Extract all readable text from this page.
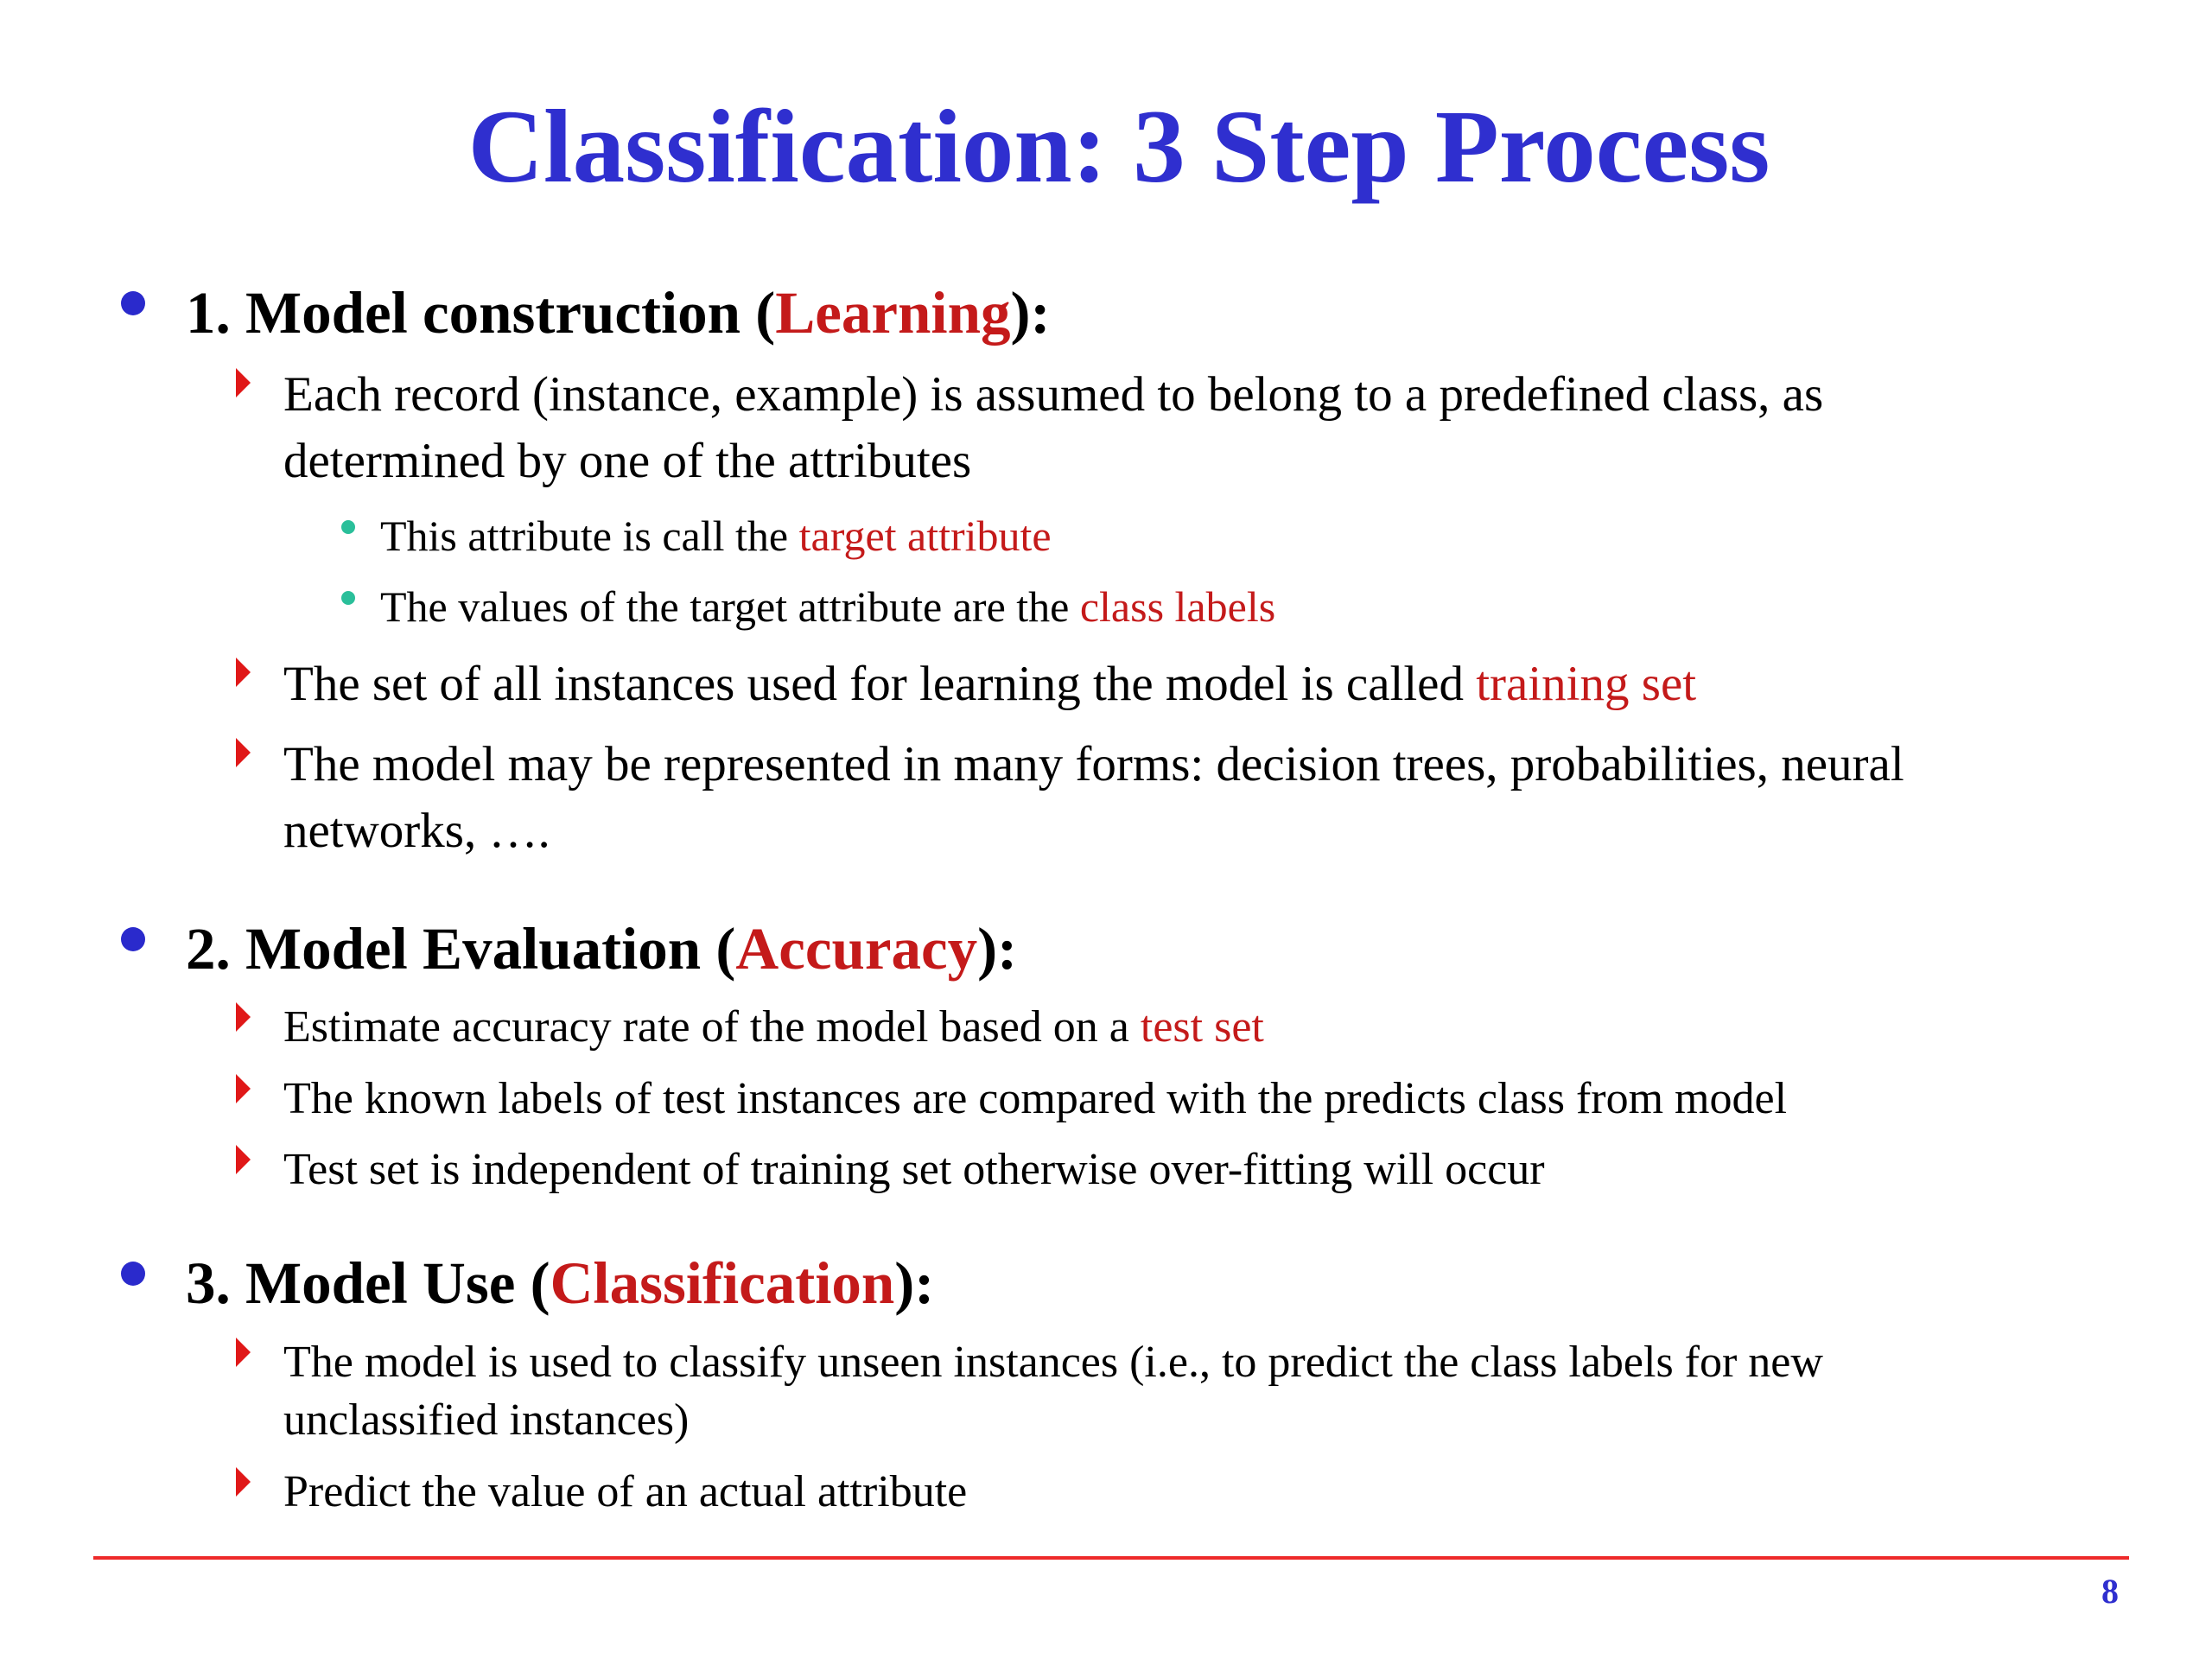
Classification: 3 Step Process
1. Model construction (Learning):
Each record (instance, example) is assumed to belong to a predefined class, as
determined by one of the attributes
This attribute is call the target attribute
The values of the target attribute are the class labels
The set of all instances used for learning the model is called training set
The model may be represented in many forms: decision trees, probabilities, neural
networks, ….
2. Model Evaluation (Accuracy):
Estimate accuracy rate of the model based on a test set
The known labels of test instances are compared with the predicts class from model
Test set is independent of training set otherwise over-fitting will occur
3. Model Use (Classification):
The model is used to classify unseen instances (i.e., to predict the class labels for new
unclassified instances)
Predict the value of an actual attribute
8
